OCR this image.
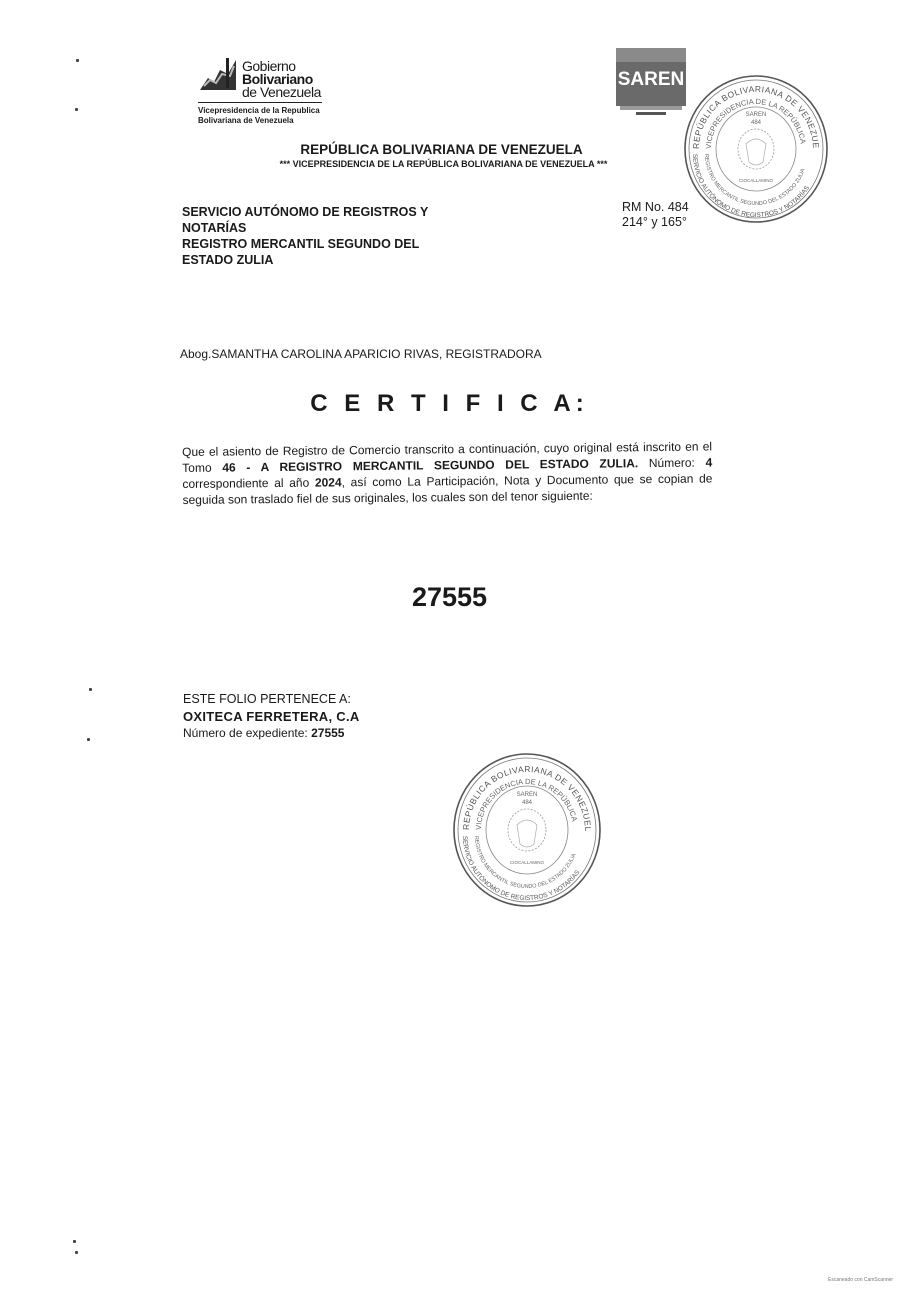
Gobierno
Bolivariano
de Venezuela
Vicepresidencia de la Republica
Bolivariana de Venezuela
SAREN
REPÚBLICA BOLIVARIANA DE VENEZUE
VICEPRESIDENCIA DE LA REPÚBLICA
REGISTRO MERCANTIL SEGUNDO DEL ESTADO ZULIA
SERVICIO AUTÓNOMO DE REGISTROS Y NOTARÍAS
SAREN
484
CIOCALLAMINO
REPÚBLICA BOLIVARIANA DE VENEZUELA
*** VICEPRESIDENCIA DE LA REPÚBLICA BOLIVARIANA DE VENEZUELA ***
SERVICIO AUTÓNOMO DE REGISTROS Y
NOTARÍAS
REGISTRO MERCANTIL SEGUNDO DEL
ESTADO ZULIA
RM No. 484
214° y 165°
Abog.SAMANTHA CAROLINA APARICIO RIVAS, REGISTRADORA
C E R T I F I C A:
Que el asiento de Registro de Comercio transcrito a continuación, cuyo original está inscrito en el Tomo 46 - A REGISTRO MERCANTIL SEGUNDO DEL ESTADO ZULIA. Número: 4 correspondiente al año 2024, así como La Participación, Nota y Documento que se copian de seguida son traslado fiel de sus originales, los cuales son del tenor siguiente:
27555
ESTE FOLIO PERTENECE A:
OXITECA FERRETERA, C.A
Número de expediente: 27555
REPÚBLICA BOLIVARIANA DE VENEZUEL
VICEPRESIDENCIA DE LA REPÚBLICA
REGISTRO MERCANTIL SEGUNDO DEL ESTADO ZULIA
SERVICIO AUTÓNOMO DE REGISTROS Y NOTARÍAS
SAREN
484
CIOCALLAMINO
Escaneado con CamScanner
